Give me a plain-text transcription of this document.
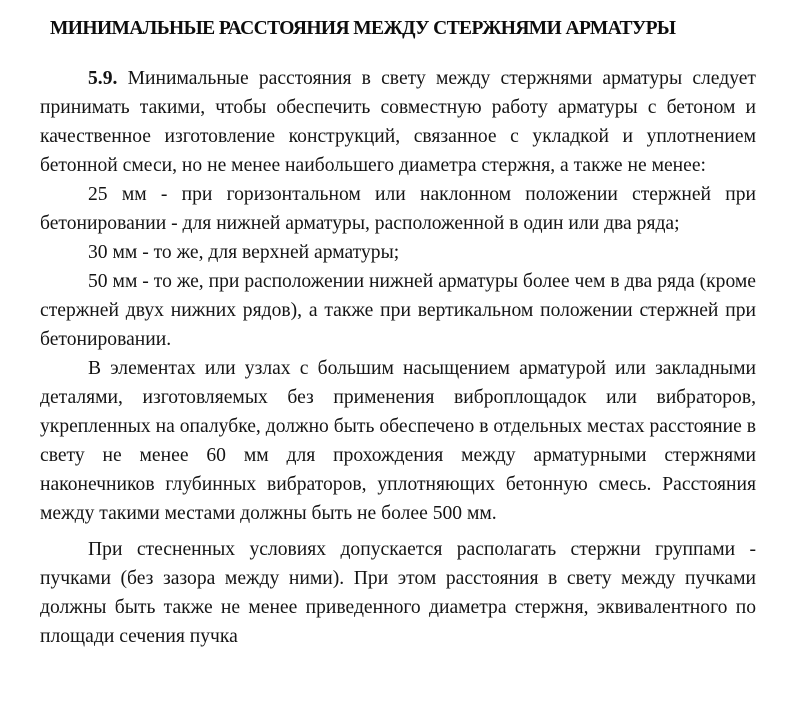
МИНИМАЛЬНЫЕ РАССТОЯНИЯ МЕЖДУ СТЕРЖНЯМИ АРМАТУРЫ

5.9. Минимальные расстояния в свету между стержнями арматуры следует принимать такими, чтобы обеспечить совместную работу арматуры с бетоном и качественное изготовление конструкций, связанное с укладкой и уплотнением бетонной смеси, но не менее наибольшего диаметра стержня, а также не менее:

25 мм - при горизонтальном или наклонном положении стержней при бетонировании - для нижней арматуры, расположенной в один или два ряда;

30 мм - то же, для верхней арматуры;

50 мм - то же, при расположении нижней арматуры более чем в два ряда (кроме стержней двух нижних рядов), а также при вертикальном положении стержней при бетонировании.

В элементах или узлах с большим насыщением арматурой или закладными деталями, изготовляемых без применения виброплощадок или вибраторов, укрепленных на опалубке, должно быть обеспечено в отдельных местах расстояние в свету не менее 60 мм для прохождения между арматурными стержнями наконечников глубинных вибраторов, уплотняющих бетонную смесь. Расстояния между такими местами должны быть не более 500 мм.

При стесненных условиях допускается располагать стержни группами - пучками (без зазора между ними). При этом расстояния в свету между пучками должны быть также не менее приведенного диаметра стержня, эквивалентного по площади сечения пучка
